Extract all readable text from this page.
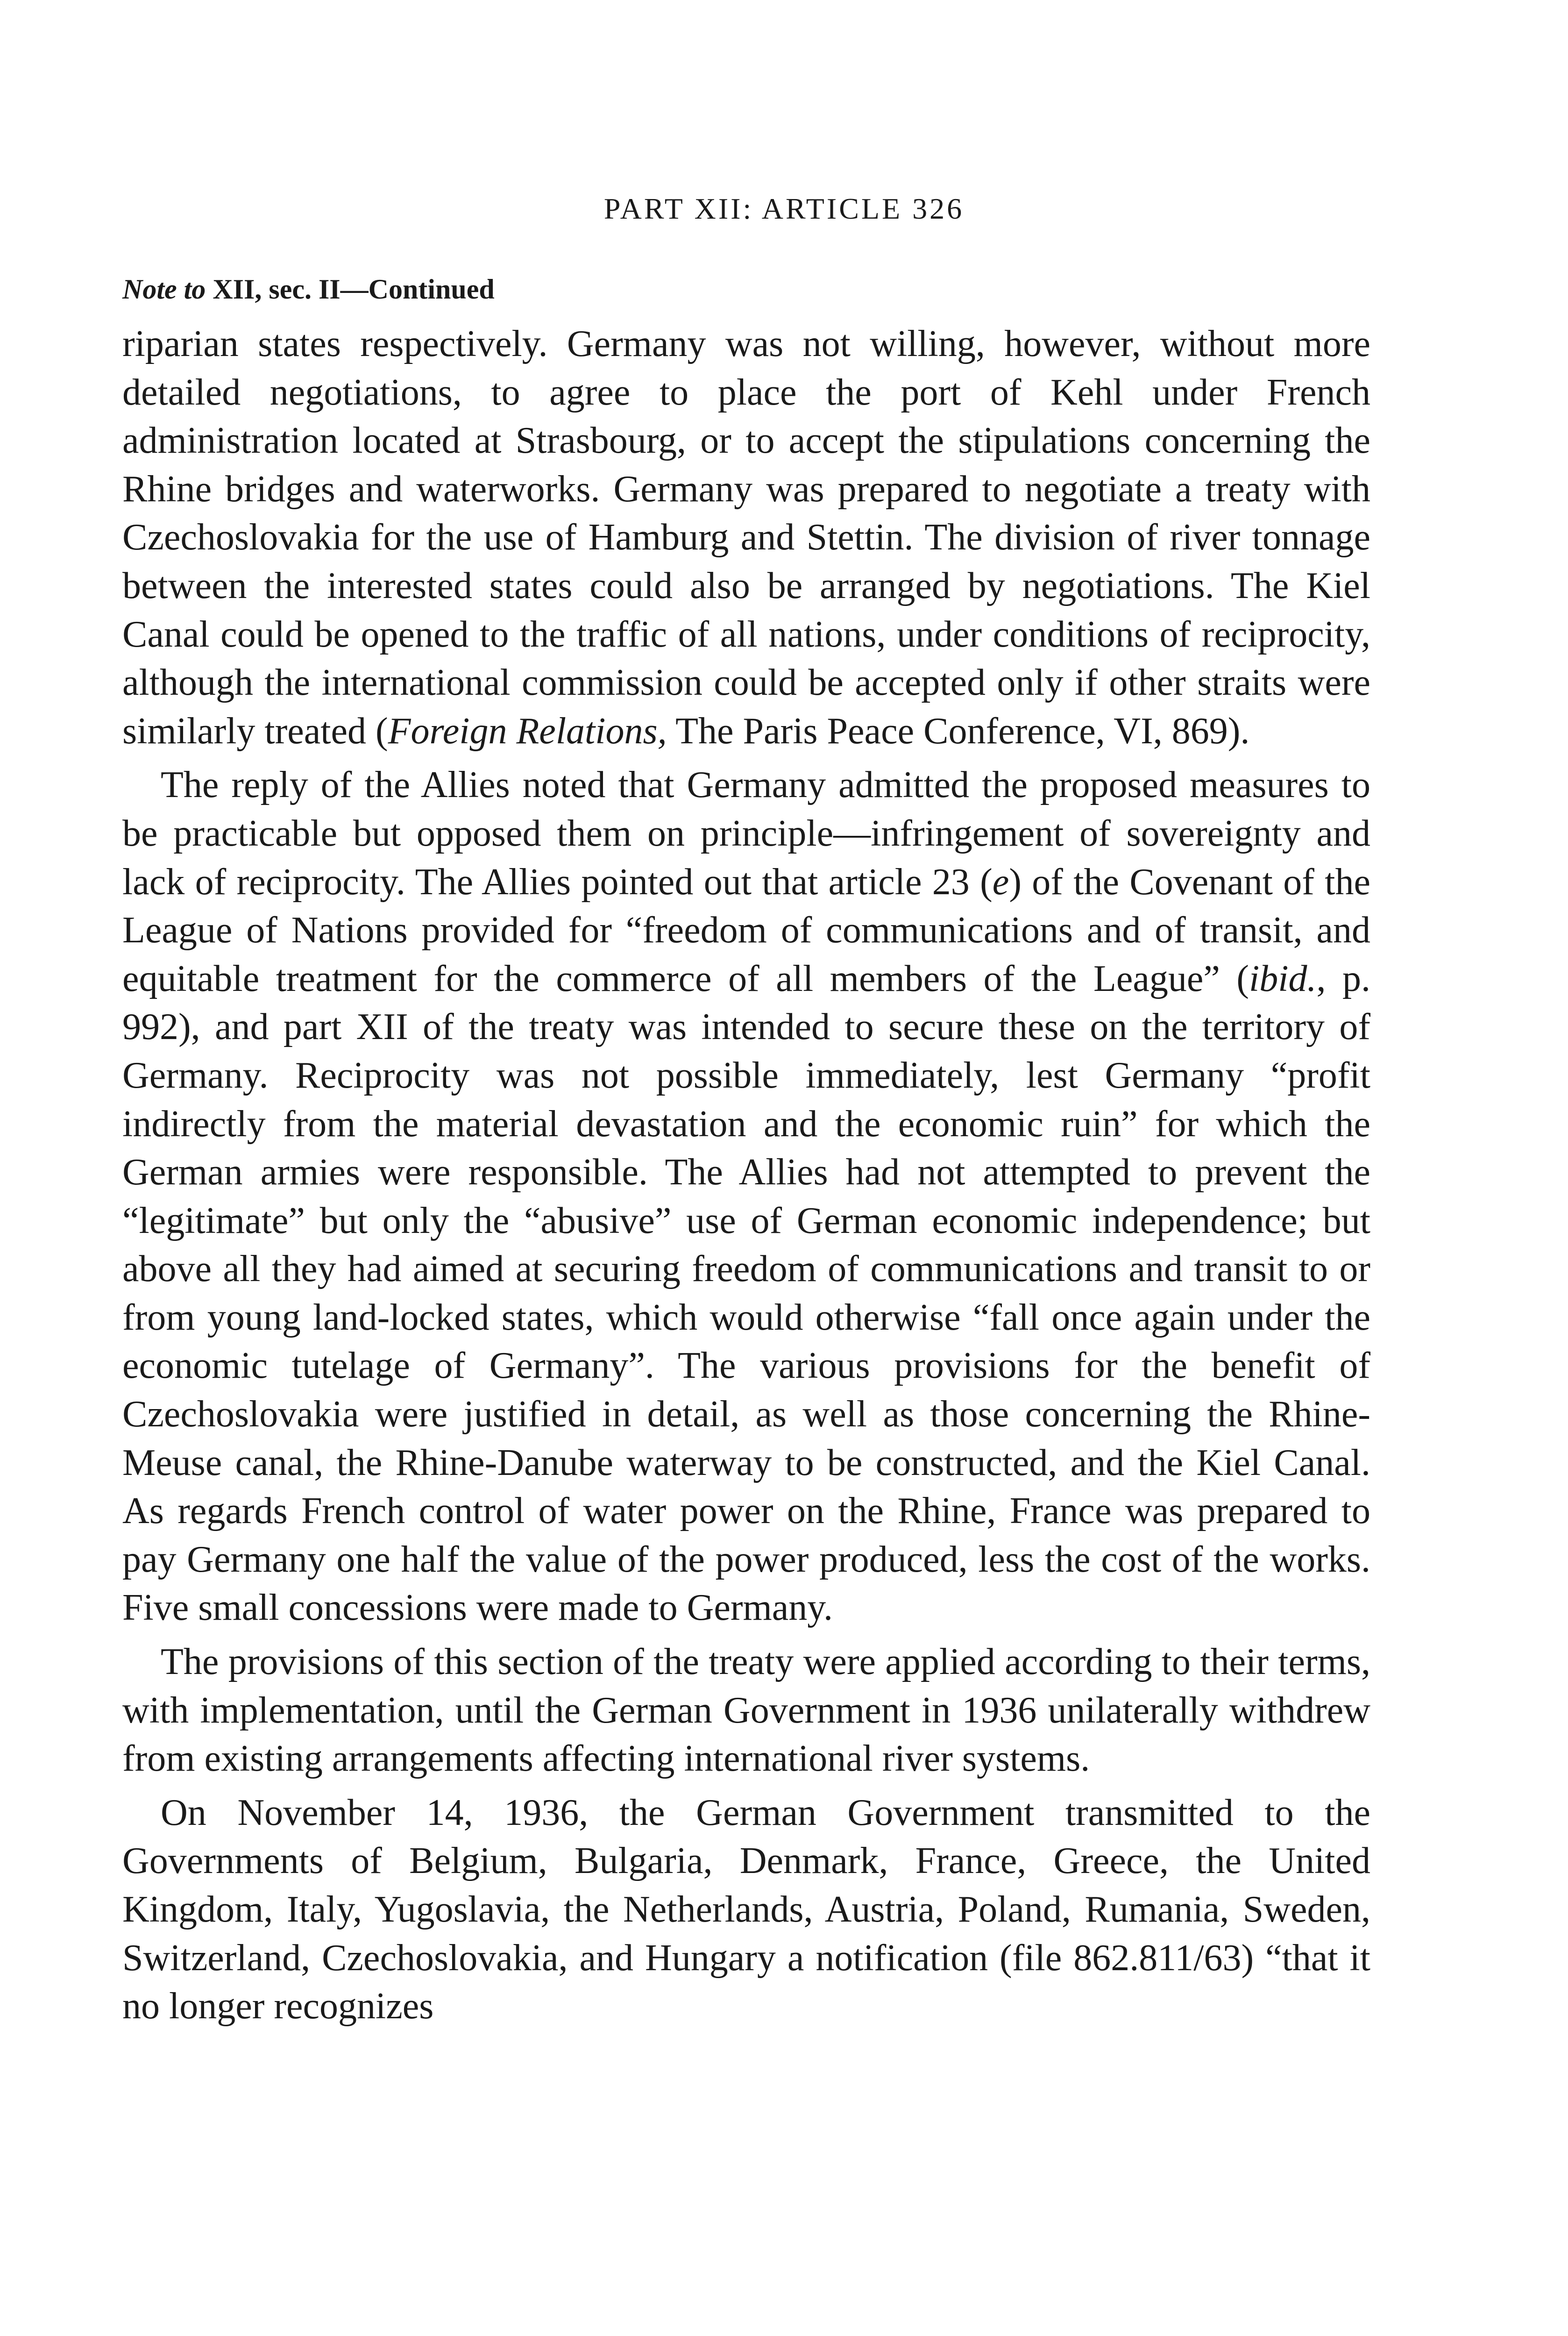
PART XII: ARTICLE 326
Note to XII, sec. II—Continued

riparian states respectively. Germany was not willing, however, without more detailed negotiations, to agree to place the port of Kehl under French administration located at Strasbourg, or to accept the stipulations concerning the Rhine bridges and waterworks. Germany was prepared to negotiate a treaty with Czechoslovakia for the use of Hamburg and Stettin. The division of river tonnage between the interested states could also be arranged by negotiations. The Kiel Canal could be opened to the traffic of all nations, under conditions of reciprocity, although the international commission could be accepted only if other straits were similarly treated (Foreign Relations, The Paris Peace Conference, VI, 869).

The reply of the Allies noted that Germany admitted the proposed measures to be practicable but opposed them on principle—infringement of sovereignty and lack of reciprocity. The Allies pointed out that article 23 (e) of the Covenant of the League of Nations provided for “freedom of communications and of transit, and equitable treatment for the commerce of all members of the League” (ibid., p. 992), and part XII of the treaty was intended to secure these on the territory of Germany. Reciprocity was not possible immediately, lest Germany “profit indirectly from the material devastation and the economic ruin” for which the German armies were responsible. The Allies had not attempted to prevent the “legitimate” but only the “abusive” use of German economic independence; but above all they had aimed at securing freedom of communications and transit to or from young land-locked states, which would otherwise “fall once again under the economic tutelage of Germany”. The various provisions for the benefit of Czechoslovakia were justified in detail, as well as those concerning the Rhine-Meuse canal, the Rhine-Danube waterway to be constructed, and the Kiel Canal. As regards French control of water power on the Rhine, France was prepared to pay Germany one half the value of the power produced, less the cost of the works. Five small concessions were made to Germany.

The provisions of this section of the treaty were applied according to their terms, with implementation, until the German Government in 1936 unilaterally withdrew from existing arrangements affecting international river systems.

On November 14, 1936, the German Government transmitted to the Governments of Belgium, Bulgaria, Denmark, France, Greece, the United Kingdom, Italy, Yugoslavia, the Netherlands, Austria, Poland, Rumania, Sweden, Switzerland, Czechoslovakia, and Hungary a notification (file 862.811/63) “that it no longer recognizes
